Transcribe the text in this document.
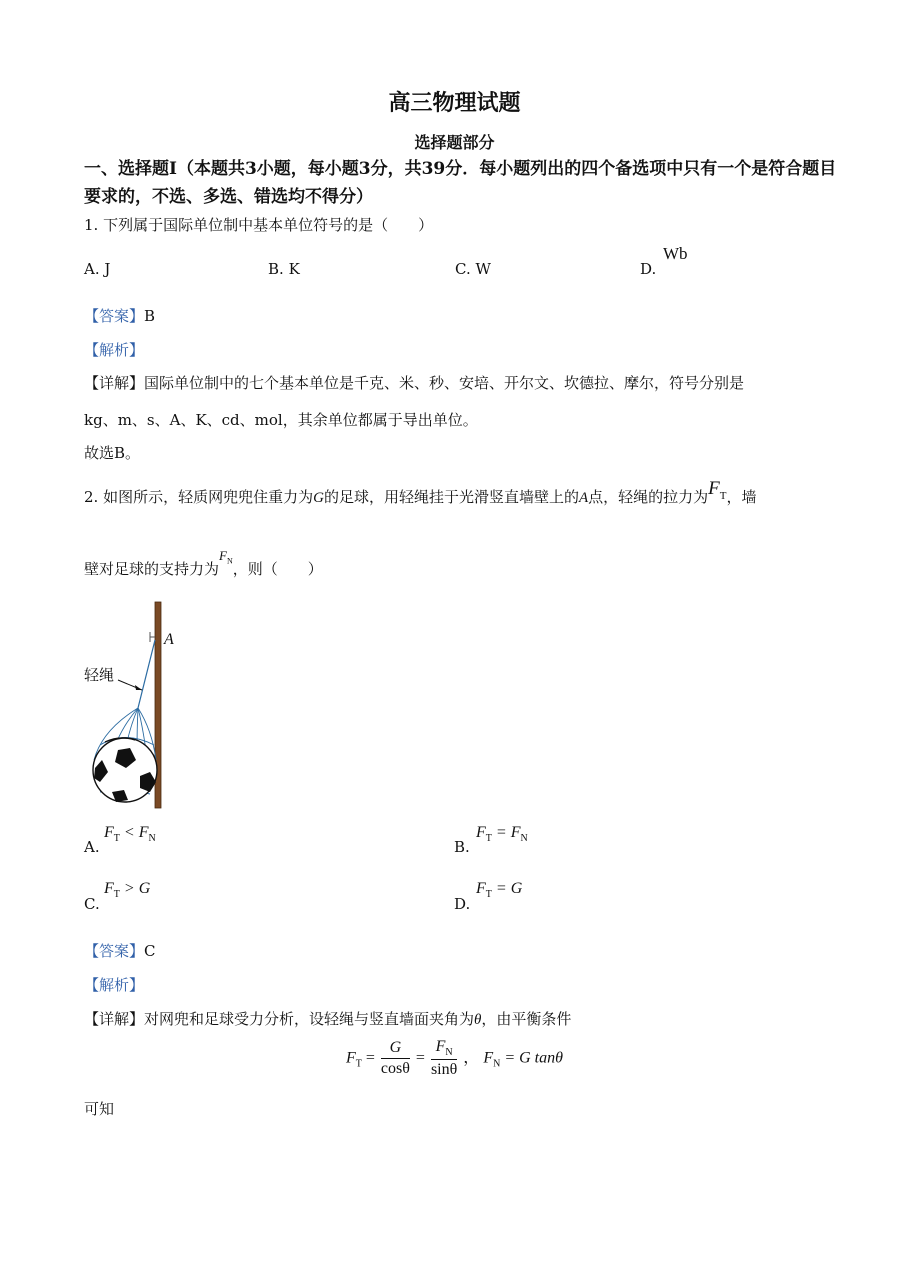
高三物理试题
选择题部分
一、选择题Ⅰ（本题共3小题，每小题3分，共39分．每小题列出的四个备选项中只有一个是符合题目要求的，不选、多选、错选均不得分）
1. 下列属于国际单位制中基本单位符号的是（　　）
A. J	B. K	C. W	D.
Wb
【答案】B
【解析】
【详解】国际单位制中的七个基本单位是千克、米、秒、安培、开尔文、坎德拉、摩尔，符号分别是
kg、m、s、A、K、cd、mol，其余单位都属于导出单位。
故选B。
2. 如图所示，轻质网兜兜住重力为G的足球，用轻绳挂于光滑竖直墙壁上的A点，轻绳的拉力为$F_T$，墙
壁对足球的支持力为$F_N$，则（　　）
轻绳
A
A.
$F_T < F_N$	B.
$F_T = F_N$
C.
$F_T > G$
D.
$F_T = G$
【答案】C
【解析】
【详解】对网兜和足球受力分析，设轻绳与竖直墙面夹角为θ，由平衡条件
$F_T = \frac{G}{\cos\theta} = \frac{F_N}{\sin\theta}$ ， $F_N = G$ tanθ
可知
